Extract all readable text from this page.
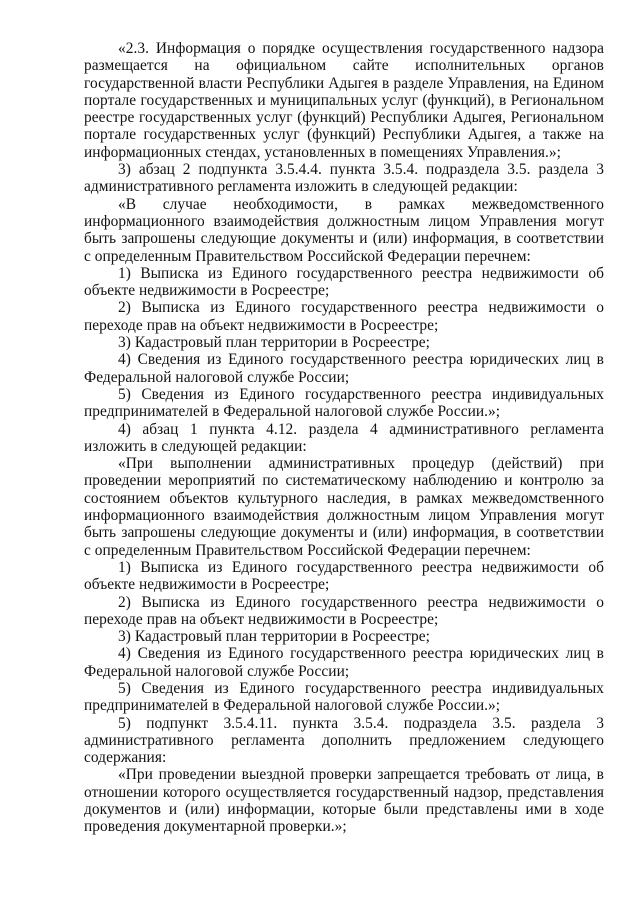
«2.3. Информация о порядке осуществления государственного надзора размещается на официальном сайте исполнительных органов государственной власти Республики Адыгея в разделе Управления, на Едином портале государственных и муниципальных услуг (функций), в Региональном реестре государственных услуг (функций) Республики Адыгея, Региональном портале государственных услуг (функций) Республики Адыгея, а также на информационных стендах, установленных в помещениях Управления.»;

3) абзац 2 подпункта 3.5.4.4. пункта 3.5.4. подраздела 3.5. раздела 3 административного регламента изложить в следующей редакции:

«В случае необходимости, в рамках межведомственного информационного взаимодействия должностным лицом Управления могут быть запрошены следующие документы и (или) информация, в соответствии с определенным Правительством Российской Федерации перечнем:

1) Выписка из Единого государственного реестра недвижимости об объекте недвижимости в Росреестре;

2) Выписка из Единого государственного реестра недвижимости о переходе прав на объект недвижимости в Росреестре;

3) Кадастровый план территории в Росреестре;

4) Сведения из Единого государственного реестра юридических лиц в Федеральной налоговой службе России;

5) Сведения из Единого государственного реестра индивидуальных предпринимателей в Федеральной налоговой службе России.»;

4) абзац 1 пункта 4.12. раздела 4 административного регламента изложить в следующей редакции:

«При выполнении административных процедур (действий) при проведении мероприятий по систематическому наблюдению и контролю за состоянием объектов культурного наследия, в рамках межведомственного информационного взаимодействия должностным лицом Управления могут быть запрошены следующие документы и (или) информация, в соответствии с определенным Правительством Российской Федерации перечнем:

1) Выписка из Единого государственного реестра недвижимости об объекте недвижимости в Росреестре;

2) Выписка из Единого государственного реестра недвижимости о переходе прав на объект недвижимости в Росреестре;

3) Кадастровый план территории в Росреестре;

4) Сведения из Единого государственного реестра юридических лиц в Федеральной налоговой службе России;

5) Сведения из Единого государственного реестра индивидуальных предпринимателей в Федеральной налоговой службе России.»;

5) подпункт 3.5.4.11. пункта 3.5.4. подраздела 3.5. раздела 3 административного регламента дополнить предложением следующего содержания:

«При проведении выездной проверки запрещается требовать от лица, в отношении которого осуществляется государственный надзор, представления документов и (или) информации, которые были представлены ими в ходе проведения документарной проверки.»;
